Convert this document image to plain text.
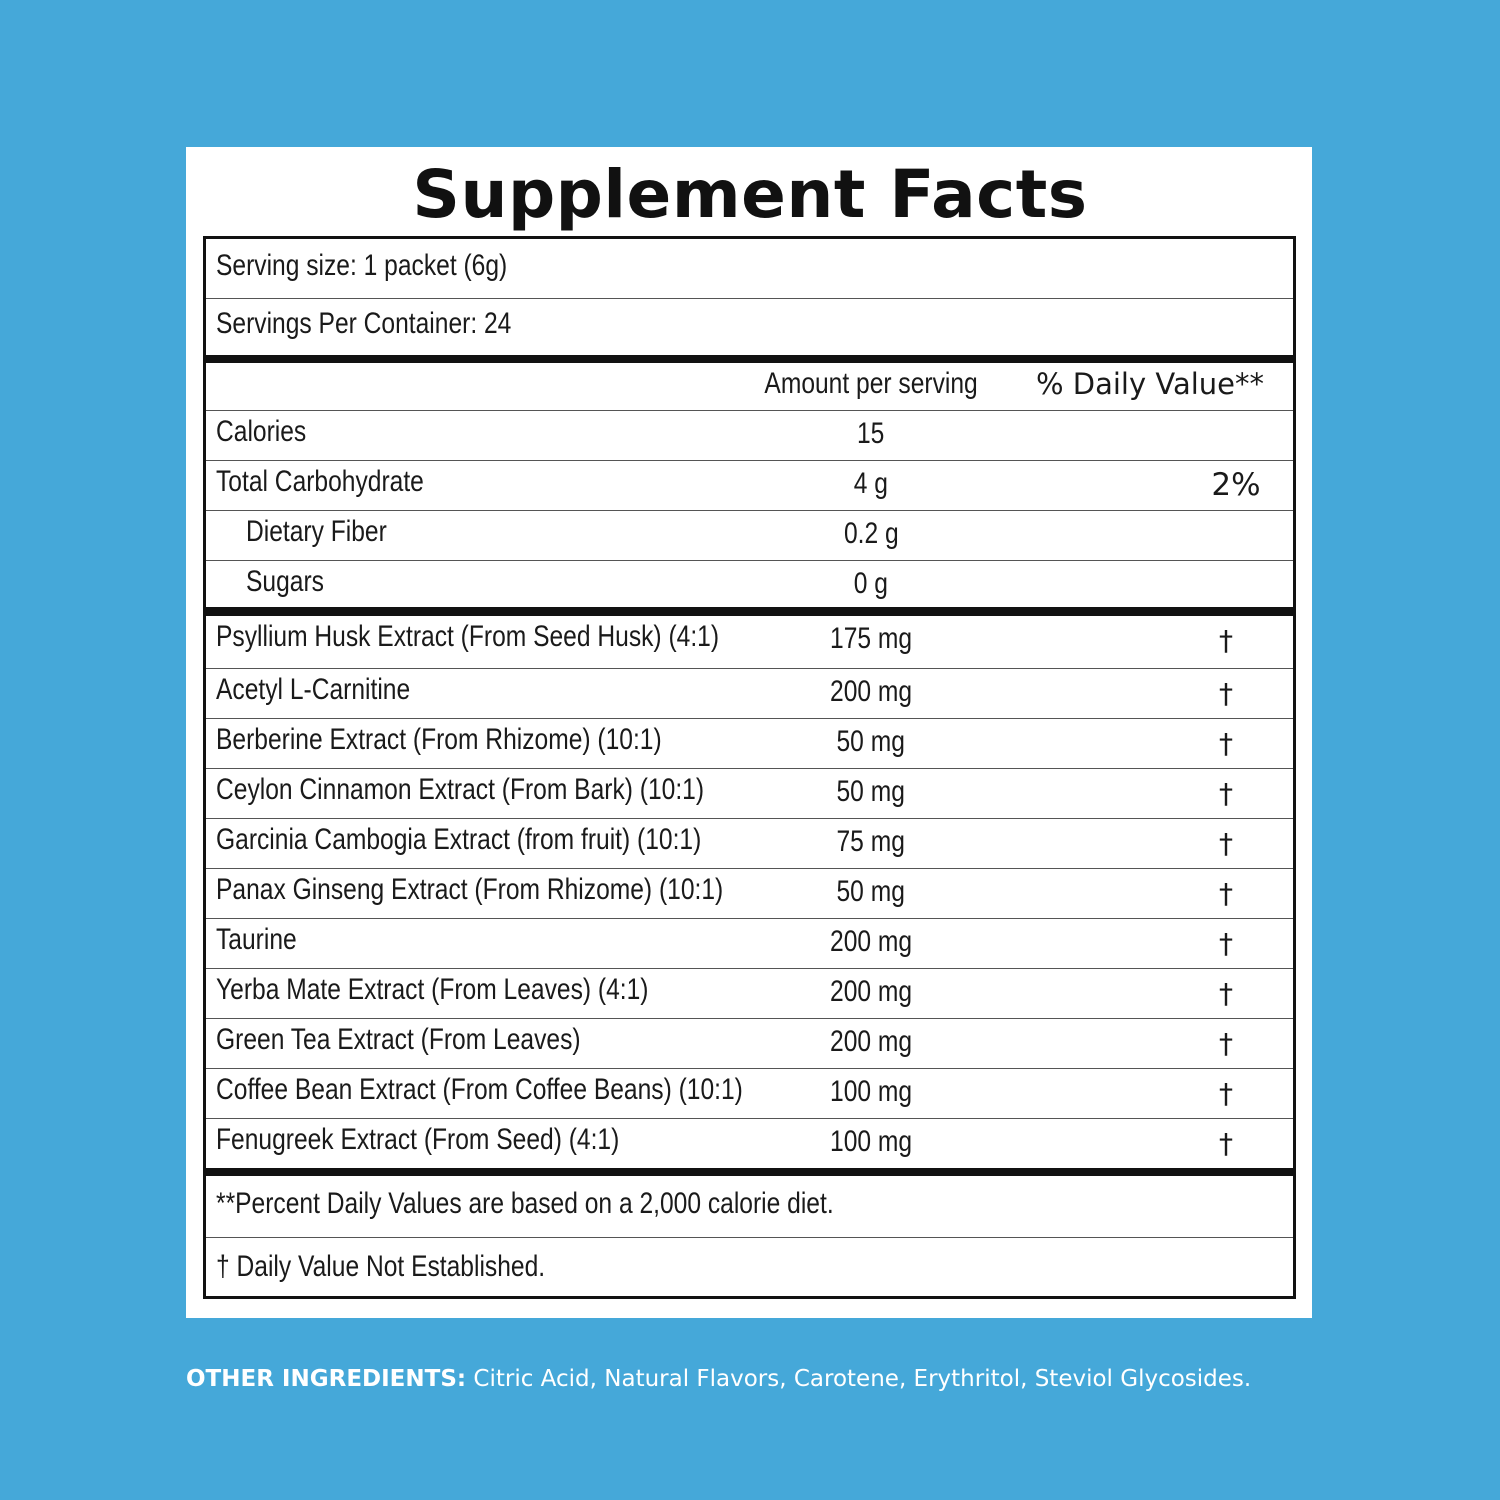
Supplement Facts
Serving size: 1 packet (6g)
Servings Per Container: 24
Amount per serving	% Daily Value**
Calories	15
Total Carbohydrate	4 g	2%
Dietary Fiber	0.2 g
Sugars	0 g
Psyllium Husk Extract (From Seed Husk) (4:1)	175 mg	†
Acetyl L-Carnitine	200 mg	†
Berberine Extract (From Rhizome) (10:1)	50 mg	†
Ceylon Cinnamon Extract (From Bark) (10:1)	50 mg	†
Garcinia Cambogia Extract (from fruit) (10:1)	75 mg	†
Panax Ginseng Extract (From Rhizome) (10:1)	50 mg	†
Taurine	200 mg	†
Yerba Mate Extract (From Leaves) (4:1)	200 mg	†
Green Tea Extract (From Leaves)	200 mg	†
Coffee Bean Extract (From Coffee Beans) (10:1)	100 mg	†
Fenugreek Extract (From Seed) (4:1)	100 mg	†
**Percent Daily Values are based on a 2,000 calorie diet.
† Daily Value Not Established.
OTHER INGREDIENTS: Citric Acid, Natural Flavors, Carotene, Erythritol, Steviol Glycosides.
